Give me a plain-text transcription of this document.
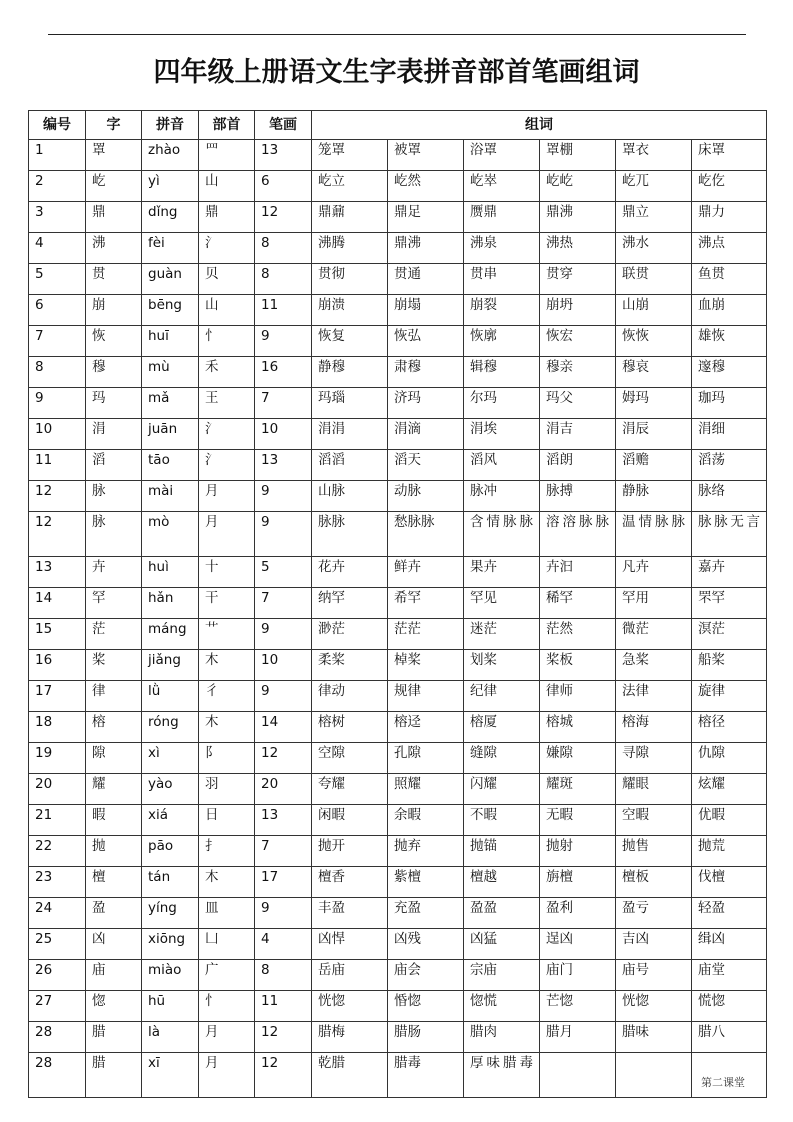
四年级上册语文生字表拼音部首笔画组词
编号	字	拼音	部首	笔画	组词					
1	罩	zhào	罒	13	笼罩	被罩	浴罩	罩棚	罩衣	床罩
2	屹	yì	山	6	屹立	屹然	屹崒	屹屹	屹兀	屹仡
3	鼎	dǐng	鼎	12	鼎鼐	鼎足	赝鼎	鼎沸	鼎立	鼎力
4	沸	fèi	氵	8	沸腾	鼎沸	沸泉	沸热	沸水	沸点
5	贯	guàn	贝	8	贯彻	贯通	贯串	贯穿	联贯	鱼贯
6	崩	bēng	山	11	崩溃	崩塌	崩裂	崩坍	山崩	血崩
7	恢	huī	忄	9	恢复	恢弘	恢廓	恢宏	恢恢	雄恢
8	穆	mù	禾	16	静穆	肃穆	辑穆	穆亲	穆哀	邃穆
9	玛	mǎ	王	7	玛瑙	济玛	尔玛	玛父	姆玛	珈玛
10	涓	juān	氵	10	涓涓	涓滴	涓埃	涓吉	涓辰	涓细
11	滔	tāo	氵	13	滔滔	滔天	滔风	滔朗	滔赡	滔荡
12	脉	mài	月	9	山脉	动脉	脉冲	脉搏	静脉	脉络
12	脉	mò	月	9	脉脉	愁脉脉	含情脉脉	溶溶脉脉	温情脉脉	脉脉无言
13	卉	huì	十	5	花卉	鲜卉	果卉	卉汩	凡卉	嘉卉
14	罕	hǎn	干	7	纳罕	希罕	罕见	稀罕	罕用	罘罕
15	茫	máng	艹	9	渺茫	茫茫	迷茫	茫然	微茫	溟茫
16	桨	jiǎng	木	10	柔桨	棹桨	划桨	桨板	急桨	船桨
17	律	lǜ	彳	9	律动	规律	纪律	律师	法律	旋律
18	榕	róng	木	14	榕树	榕迳	榕厦	榕城	榕海	榕径
19	隙	xì	阝	12	空隙	孔隙	缝隙	嫌隙	寻隙	仇隙
20	耀	yào	羽	20	夸耀	照耀	闪耀	耀斑	耀眼	炫耀
21	暇	xiá	日	13	闲暇	余暇	不暇	无暇	空暇	优暇
22	抛	pāo	扌	7	抛开	抛弃	抛锚	抛射	抛售	抛荒
23	檀	tán	木	17	檀香	紫檀	檀越	旃檀	檀板	伐檀
24	盈	yíng	皿	9	丰盈	充盈	盈盈	盈利	盈亏	轻盈
25	凶	xiōng	凵	4	凶悍	凶残	凶猛	逞凶	吉凶	缉凶
26	庙	miào	广	8	岳庙	庙会	宗庙	庙门	庙号	庙堂
27	惚	hū	忄	11	恍惚	惛惚	惚慌	芒惚	恍惚	慌惚
28	腊	là	月	12	腊梅	腊肠	腊肉	腊月	腊味	腊八
28	腊	xī	月	12	乾腊	腊毒	厚味腊毒			
第二课堂
